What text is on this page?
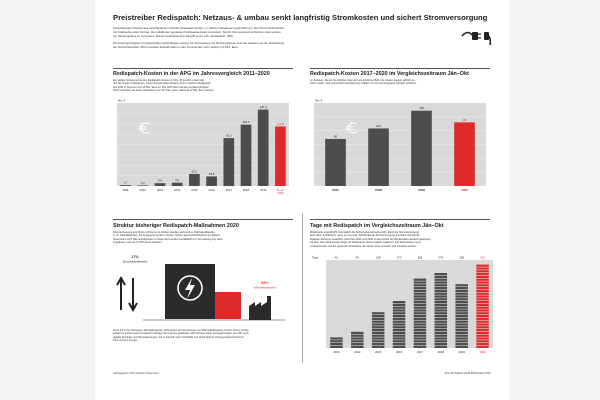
Preistreiber Redispatch: Netzaus- & umbau senkt langfristig Stromkosten und sichert Stromversorgung
Stromleitungen können aus verschiedenen Gründen überlastet werden. In solchen Situationen greift APG ein. Der Stromnetzbetreiber
hat Kraftwerke unter Vertrag, die notfalls den geplanten Kraftwerkseinsatz verändern. Sprich: Die Leistung hochfahren oder senken,
um Netzengpässe zu vermeiden. Dieser kostenintensive Eingriff nennt sich „Redispatch“ (RD).
Die kostengünstigste und gleichzeitig nachhaltigste Lösung zur Vermeidung von Netzengpässen sind der Ausbau und die Verstärkung
der Netzinfrastruktur. APG investiert deshalb allein in den kommenden zehn Jahren 2,9 Mrd. Euro.
Redispatch-Kosten in der APG im Jahresvergleich 2011–2020
Ein starker Anstieg ist bei den Redispatch-Kosten (in Mio. €) deutlich erkennbar
und die Kosten explodieren. Österreichweit fielen bislang noch in Sachen Redispatch
seit 2011 in Summe rund 12 Mio. Euro an. Der APG-Netz hat den Großteil getragen
2019 erreichten sie einen Höchstwert von 147 Mio. Euro, während 12 Mio. Euro gesamt
Mio. €
1,7
2011
1,2
2012
5,4
2013
6,4
2014
23,2
2015
18,5
2016
92,3
2017
118,3
2018
147,3
2019
114,8
01.10.
2020
Redispatch-Kosten 2017–2020 im Vergleichszeitraum Jän–Okt
Im Zeitraum Jänner bis Oktober zeigt sich ein ähnliches Bild: Die Kosten steigen jährlich an.
Nicht zuletzt, weil erneuerbare Einspeisung volatiler ist und Netzengpässe häufiger auftreten.
Mio. €
85
2017
104
2018
136
2019
115
2020
Struktur bisheriger Redispatch-Maßnahmen 2020
Stromerzeugung aus Wind und Sonne ist schwer planbar, jetzt sind es Wärmekraftwerke
(z. B. Gaskraftwerke), die eingesetzt werden müssen. Neben Speicherkraftwerken im Westen
Österreichs sind Wärmekraftwerke im Osten des Landes unerlässlich zur Vermeidung von Netz-
engpässen, wie sie im APG-Netz auftreten.
17%
Speicherkraftwerke
83%
Wärmekraftwerke
Rund 83 % der bisherigen RD-Maßnahmen 2020 gehen auf den Einsatz von Wärmekraftwerken zurück. Deren Verfüg-
barkeit ist jedoch aufgrund aktuell niedriger Strompreise gefährdet. APG arbeitet daher an Ergänzungen zum RD neue
digitale Produkte und Dienstleistungen, die in Zukunft mehr Flexibilität und damit höhere Versorgungssicherheit im
Stromsystem bringen.
Tage mit Redispatch im Vergleichszeitraum Jän–Okt
Mittlerweile ergreift APG fast täglich die Sicherheitsmaßnahme RD, damit die Stromversorgung
auch dann funktioniert, wenn es eng wird. Schwankende Stromerzeugung aus Wind und Sonne
belasten das Netz zusätzlich. Zwischen 2011 und 2020 ist die Anzahl der RD-Einsätze deutlich gestiegen.
Ab dem Jahr 2016 wurden Tage mit Redispatch nahezu täglich registriert. Der Netzausbau muss
voranschreiten und die gesamte Infrastruktur der Netze muss erweitert und verstärkt werden.
42
2013
62
2014
138
2015
173
2016
258
2017
279
2018
239
2019
313
2020
Tage
Auftraggeber: APG Austrian Power Grid	APG ENTGELTLICHE EINSCHALTUNG
